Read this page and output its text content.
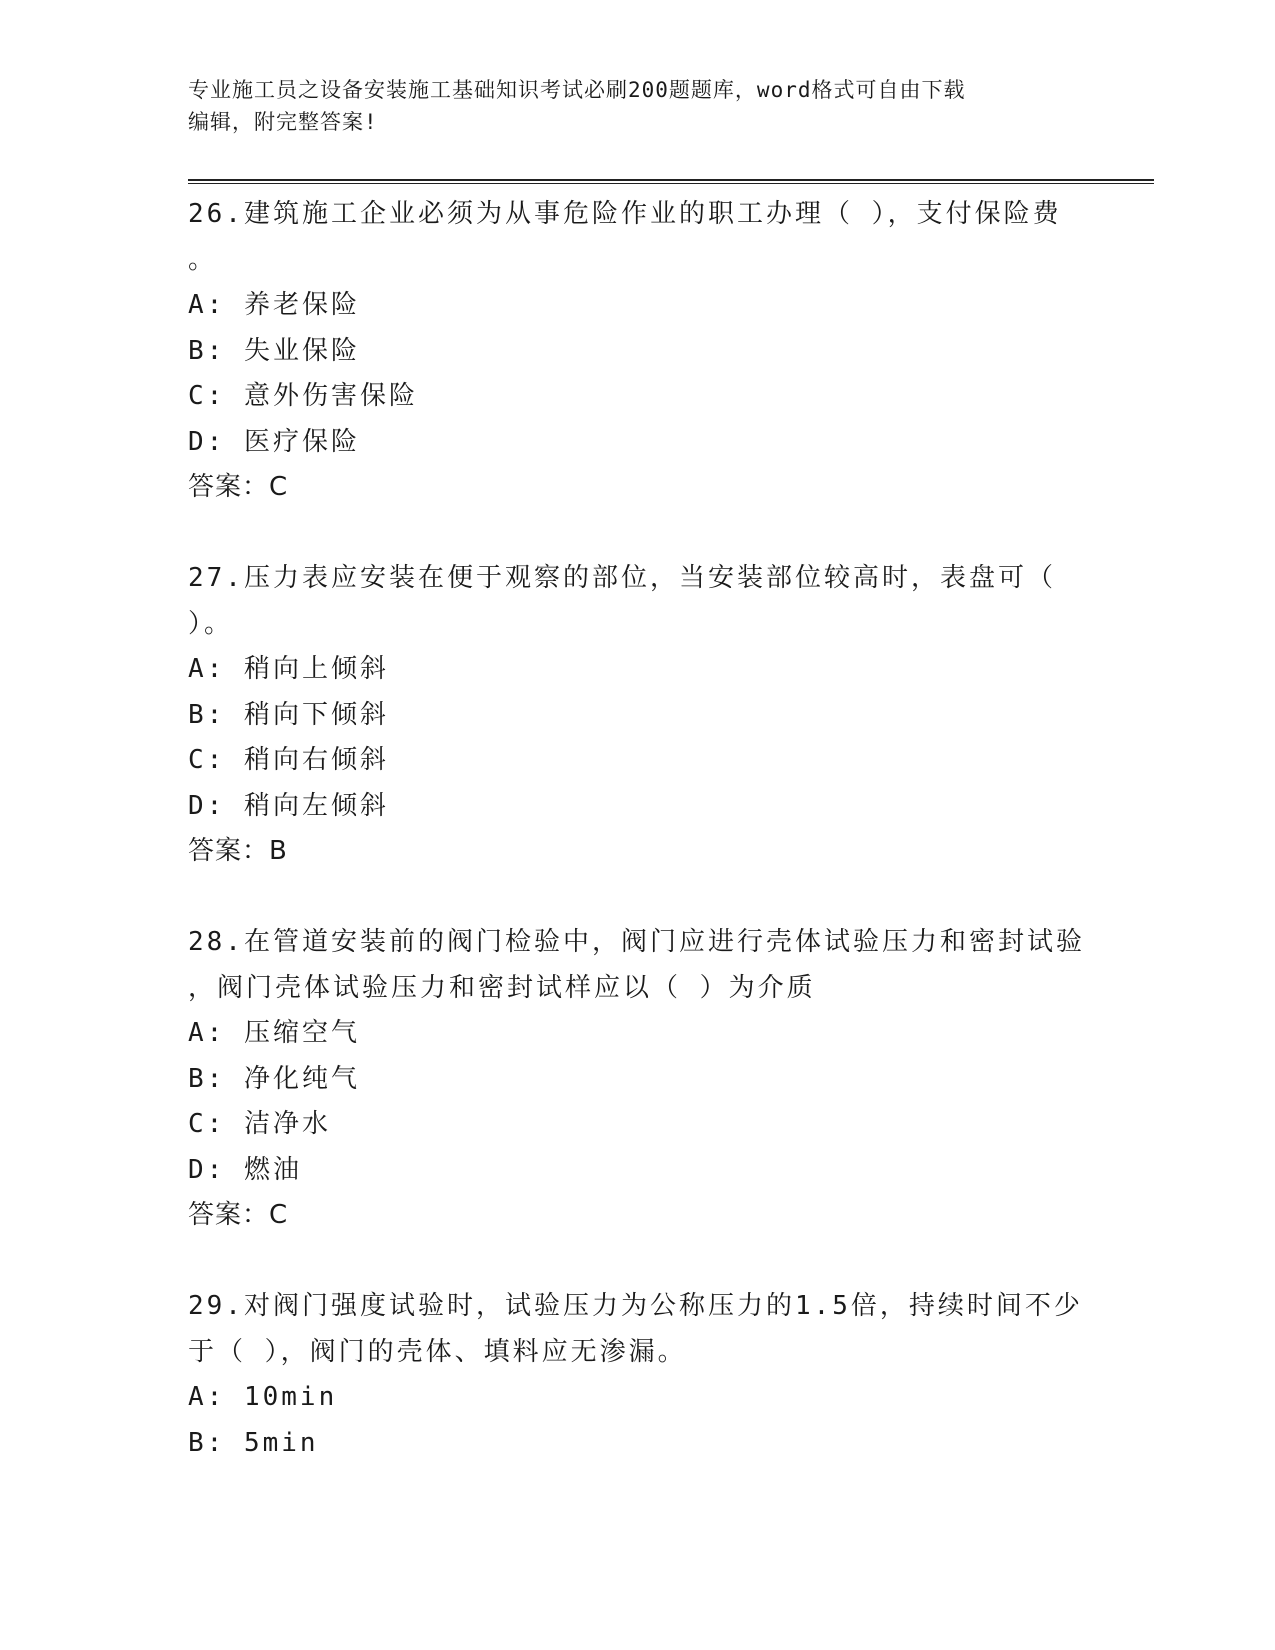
专业施工员之设备安装施工基础知识考试必刷200题题库，word格式可自由下载
编辑，附完整答案!
26.建筑施工企业必须为从事危险作业的职工办理（ ），支付保险费
。
A: 养老保险
B: 失业保险
C: 意外伤害保险
D: 医疗保险
答案：C
27.压力表应安装在便于观察的部位，当安装部位较高时，表盘可（
）。
A: 稍向上倾斜
B: 稍向下倾斜
C: 稍向右倾斜
D: 稍向左倾斜
答案：B
28.在管道安装前的阀门检验中，阀门应进行壳体试验压力和密封试验
，阀门壳体试验压力和密封试样应以（ ）为介质
A: 压缩空气
B: 净化纯气
C: 洁净水
D: 燃油
答案：C
29.对阀门强度试验时，试验压力为公称压力的1.5倍，持续时间不少
于（ ），阀门的壳体、填料应无渗漏。
A: 10min
B: 5min
